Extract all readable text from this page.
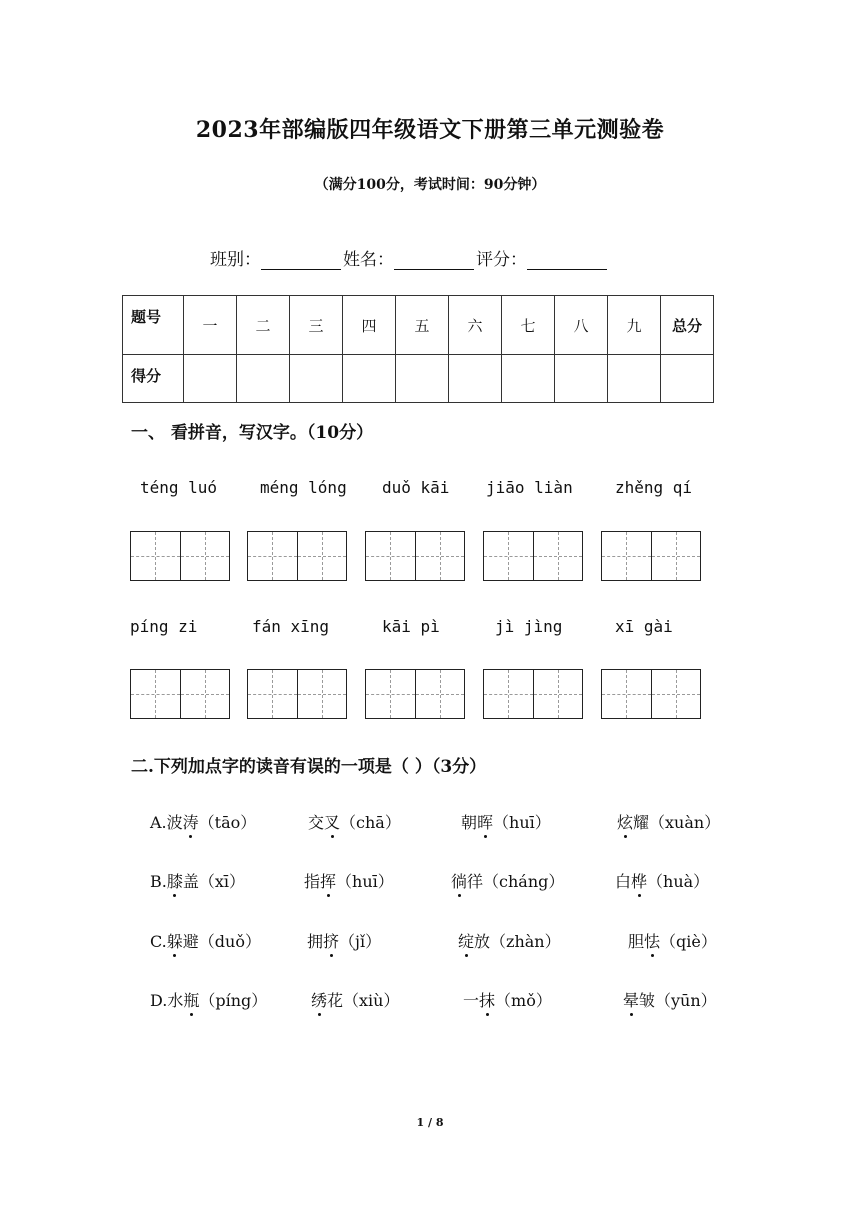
2023年部编版四年级语文下册第三单元测验卷
（满分100分，考试时间：90分钟）
班别：	姓名：	评分：
题号	一	二	三	四	五	六	七	八	九	总分
得分										
一、 看拼音，写汉字。（10分）
téng luó	méng lóng duǒ kāi jiāo liàn	zhěng qí
píng zi	fán xīng	kāi pì	jì jìng	xī gài
二.下列加点字的读音有误的一项是（ ）（3分）
A.波涛（tāo）	交叉（chā）	朝晖（huī）	炫耀（xuàn）
B.膝盖（xī）	指挥（huī）	徜徉（cháng）	白桦（huà）
C.躲避（duǒ）	拥挤（jǐ）	绽放（zhàn）	胆怯（qiè）
D.水瓶（píng）	绣花（xiù）	一抹（mǒ）	晕皱（yūn）
1 / 8
